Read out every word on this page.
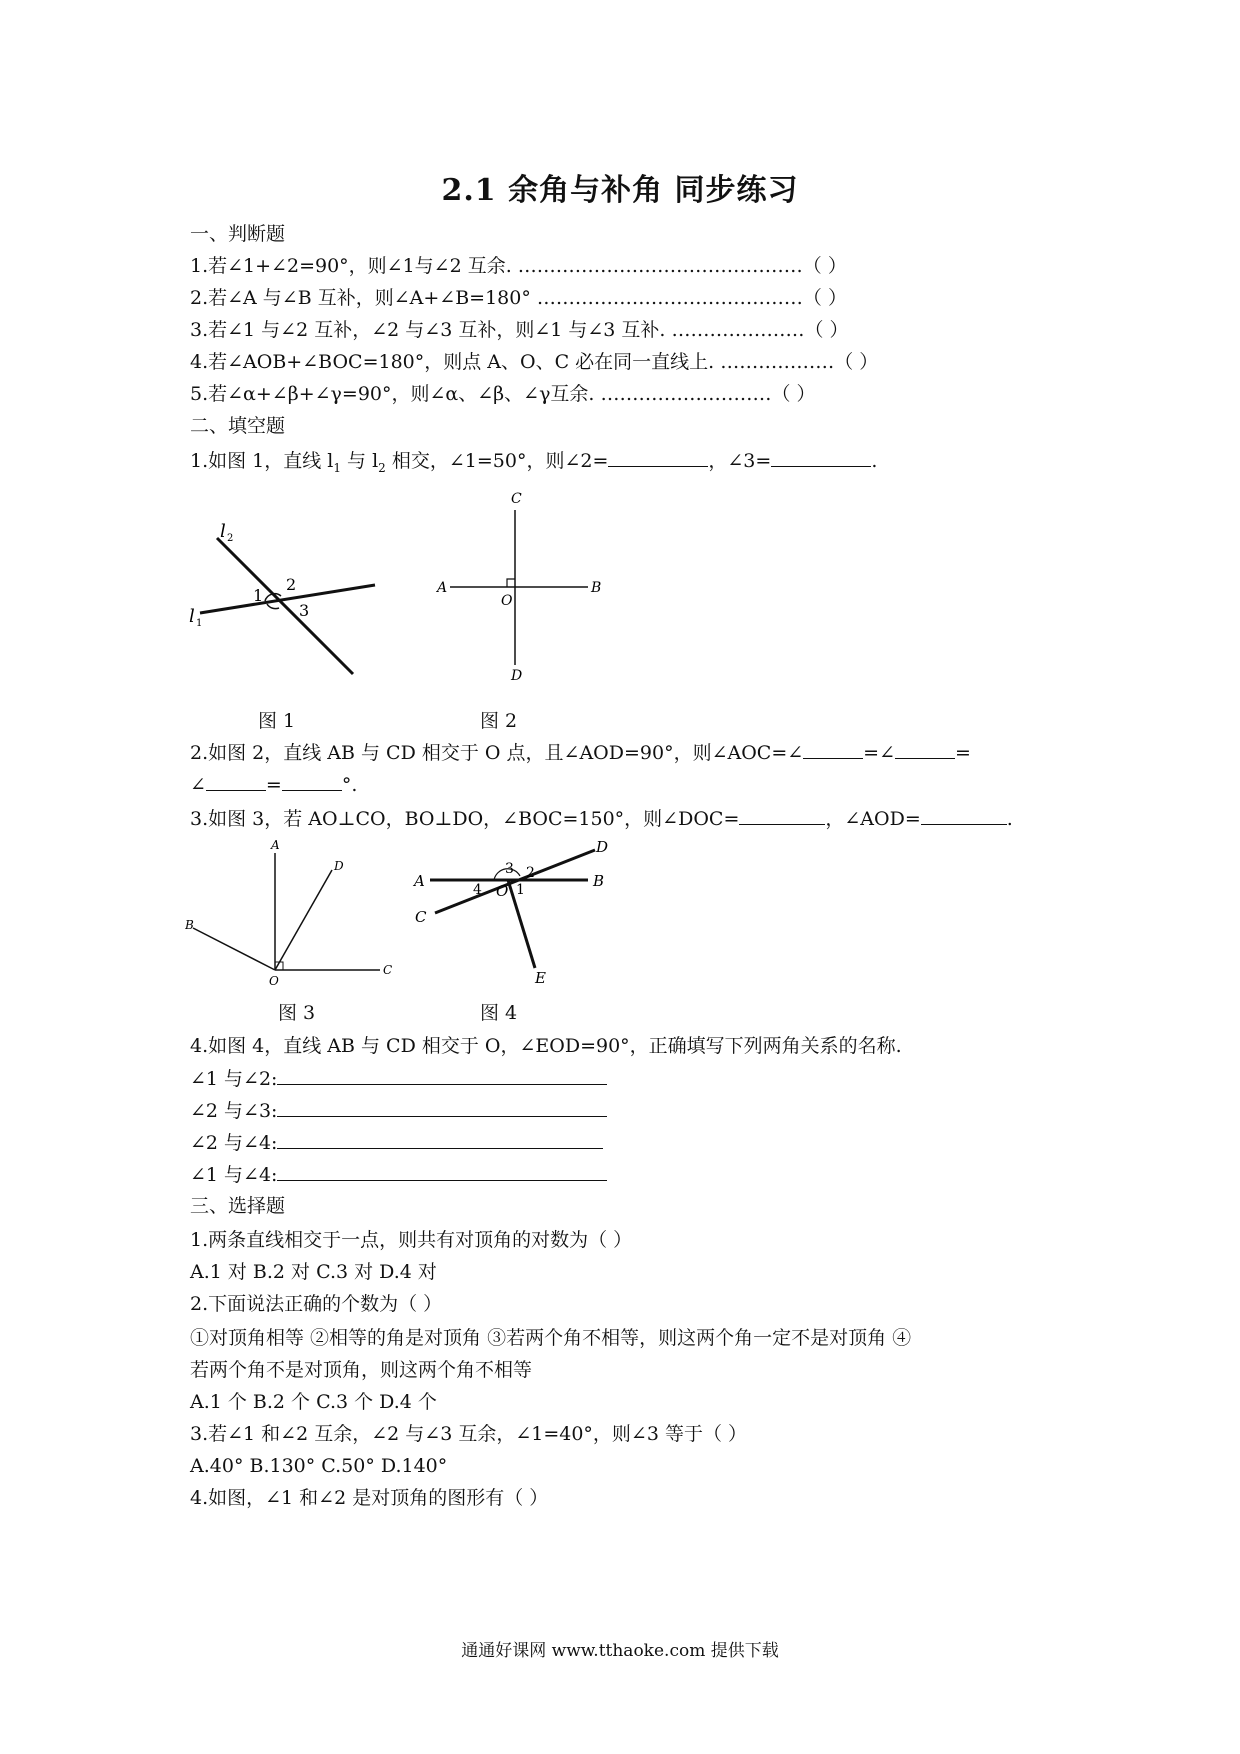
2.1 余角与补角 同步练习
一、判断题
1.若∠1+∠2=90°，则∠1与∠2 互余. ………………………………………（ ）
2.若∠A 与∠B 互补，则∠A+∠B=180° ……………………………………（ ）
3.若∠1 与∠2 互补，∠2 与∠3 互补，则∠1 与∠3 互补. …………………（ ）
4.若∠AOB+∠BOC=180°，则点 A、O、C 必在同一直线上. ………………（ ）
5.若∠α+∠β+∠γ=90°，则∠α、∠β、∠γ互余. ………………………（ ）
二、填空题
1.如图 1，直线 $l_1$ 与 $l_2$ 相交，∠1=50°，则∠2=	，∠3=	.
l 2
l 1
1
2
3
C
A	B
O
D
图 1	图 2
2.如图 2，直线 AB 与 CD 相交于 O 点，且∠AOD=90°，则∠AOC=∠	=∠	=
∠	=	°.
3.如图 3，若 AO⊥CO，BO⊥DO，∠BOC=150°，则∠DOC=	，∠AOD=	.
A
D
B
C
O
A	B
D
C
E
O
3 2
1
4
图 3	图 4
4.如图 4，直线 AB 与 CD 相交于 O，∠EOD=90°，正确填写下列两角关系的名称.
∠1 与∠2:
∠2 与∠3:
∠2 与∠4:
∠1 与∠4:
三、选择题
1.两条直线相交于一点，则共有对顶角的对数为（ ）
A.1 对 B.2 对 C.3 对 D.4 对
2.下面说法正确的个数为（ ）
①对顶角相等 ②相等的角是对顶角 ③若两个角不相等，则这两个角一定不是对顶角 ④
若两个角不是对顶角，则这两个角不相等
A.1 个 B.2 个 C.3 个 D.4 个
3.若∠1 和∠2 互余，∠2 与∠3 互余，∠1=40°，则∠3 等于（ ）
A.40° B.130° C.50° D.140°
4.如图，∠1 和∠2 是对顶角的图形有（ ）
通通好课网 www.tthaoke.com 提供下载
